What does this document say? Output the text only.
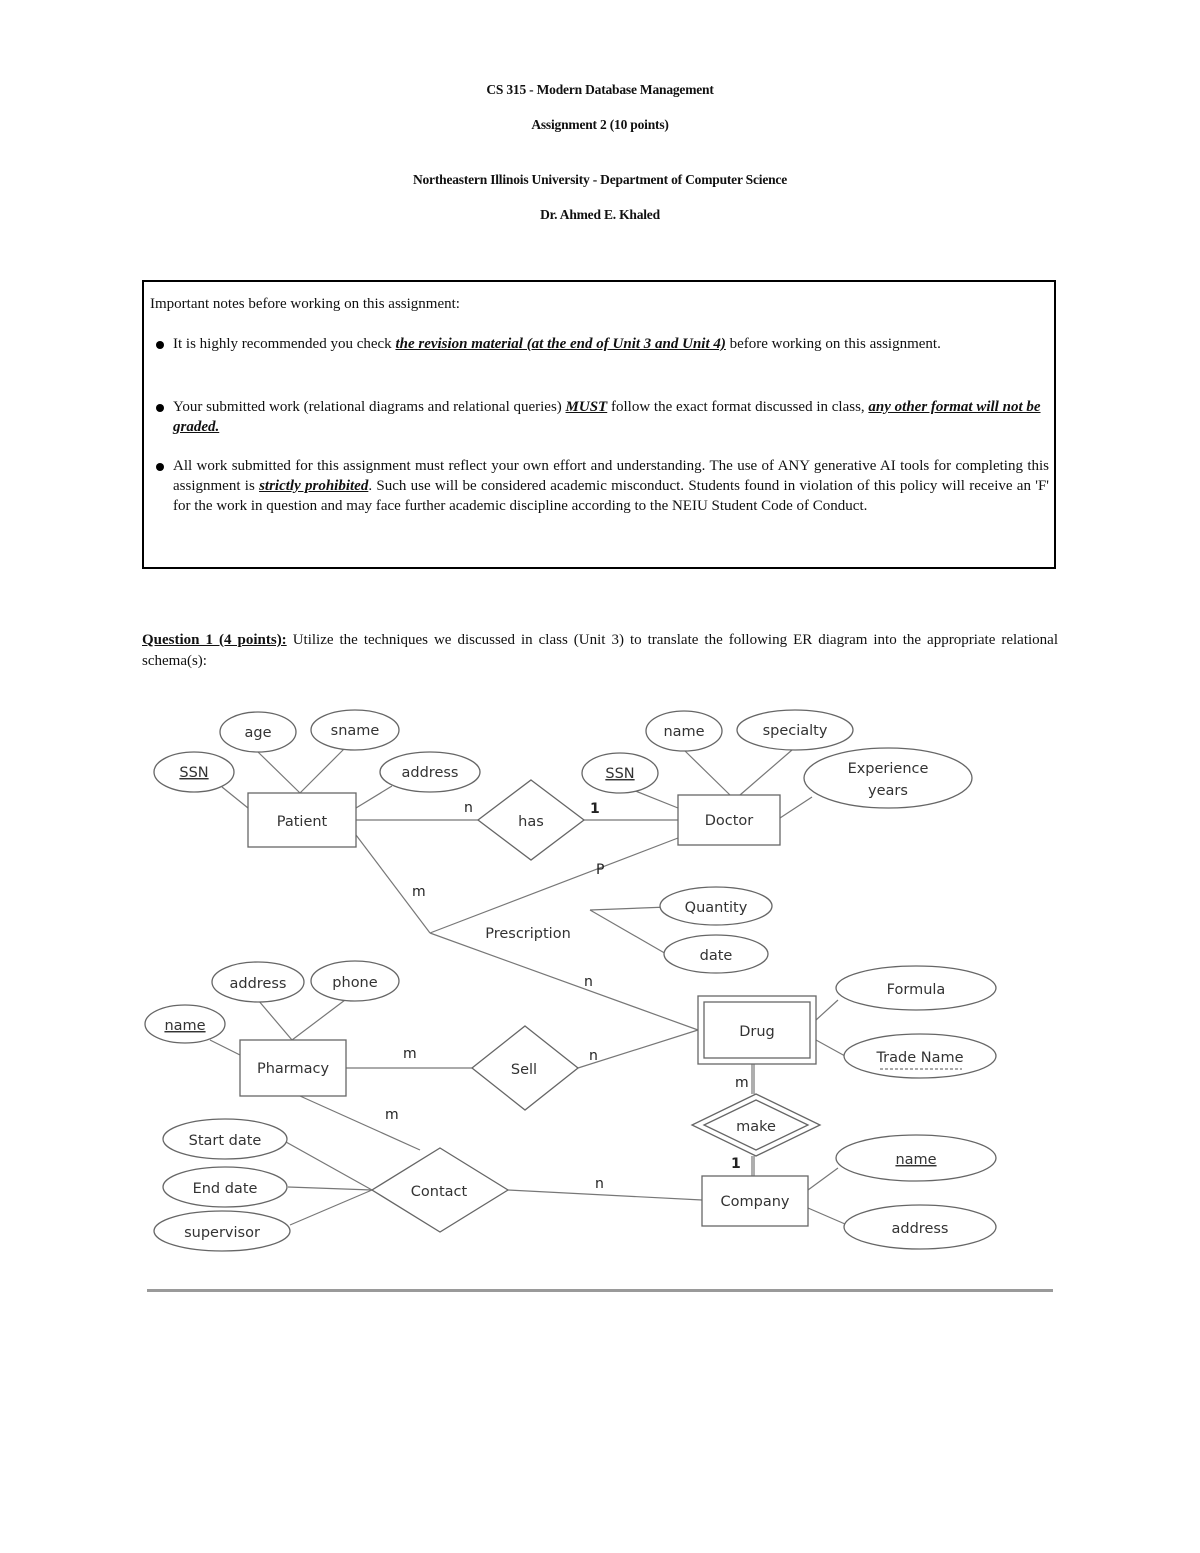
CS 315 - Modern Database Management
Assignment 2 (10 points)
Northeastern Illinois University - Department of Computer Science
Dr. Ahmed E. Khaled
Important notes before working on this assignment:
It is highly recommended you check the revision material (at the end of Unit 3 and Unit 4) before working on this assignment.
Your submitted work (relational diagrams and relational queries) MUST follow the exact format discussed in class, any other format will not be graded.
All work submitted for this assignment must reflect your own effort and understanding. The use of ANY generative AI tools for completing this assignment is strictly prohibited. Such use will be considered academic misconduct. Students found in violation of this policy will receive an 'F' for the work in question and may face further academic discipline according to the NEIU Student Code of Conduct.
Question 1 (4 points): Utilize the techniques we discussed in class (Unit 3) to translate the following ER diagram into the appropriate relational schema(s):
Patient	Doctor
Drug
Pharmacy
Company
has
Prescription
Sell
make
Contact
age	sname
SSN	address
name	specialty
SSN	Experience
years
Quantity
date
Formula
Trade Name
address	phone
name
Start date
End date
supervisor
name
address
n	1
P
m
n
m	n
m
1
m
n
